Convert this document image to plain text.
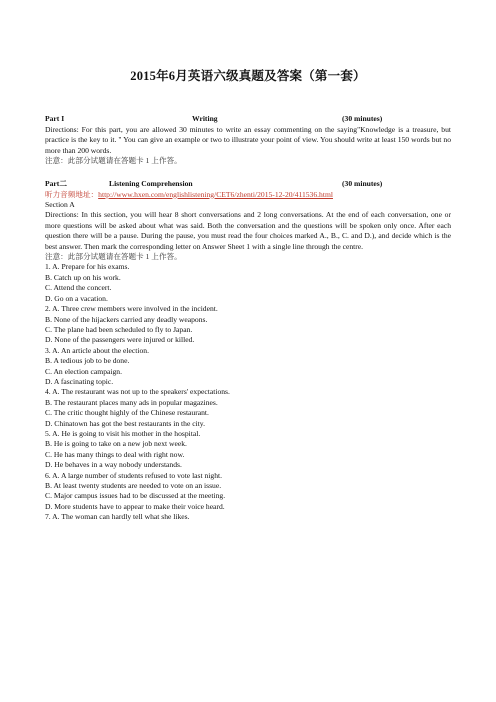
2015年6月英语六级真题及答案（第一套）
Part I	Writing	(30 minutes)

Directions: For this part, you are allowed 30 minutes to write an essay commenting on the saying"Knowledge is a treasure, but practice is the key to it. " You can give an example or two to illustrate your point of view. You should write at least 150 words but no more than 200 words.

注意：此部分试题请在答题卡 1 上作答。

Part二	Listening Comprehension	(30 minutes)

听力音频地址：http://www.hxen.com/englishlistening/CET6/zhenti/2015-12-20/411536.html

Section A

Directions: In this section, you will hear 8 short conversations and 2 long conversations. At the end of each conversation, one or more questions will be asked about what was said. Both the conversation and the questions will be spoken only once. After each question there will be a pause. During the pause, you must read the four choices marked A., B., C. and D.), and decide which is the best answer. Then mark the corresponding letter on Answer Sheet 1 with a single line through the centre.

注意：此部分试题请在答题卡 1 上作答。

1. A. Prepare for his exams.

B. Catch up on his work.

C. Attend the concert.

D. Go on a vacation.

2. A. Three crew members were involved in the incident.

B. None of the hijackers carried any deadly weapons.

C. The plane had been scheduled to fly to Japan.

D. None of the passengers were injured or killed.

3. A. An article about the election.

B. A tedious job to be done.

C. An election campaign.

D. A fascinating topic.

4. A. The restaurant was not up to the speakers' expectations.

B. The restaurant places many ads in popular magazines.

C. The critic thought highly of the Chinese restaurant.

D. Chinatown has got the best restaurants in the city.

5. A. He is going to visit his mother in the hospital.

B. He is going to take on a new job next week.

C. He has many things to deal with right now.

D. He behaves in a way nobody understands.

6. A. A large number of students refused to vote last night.

B. At least twenty students are needed to vote on an issue.

C. Major campus issues had to be discussed at the meeting.

D. More students have to appear to make their voice heard.

7. A. The woman can hardly tell what she likes.
